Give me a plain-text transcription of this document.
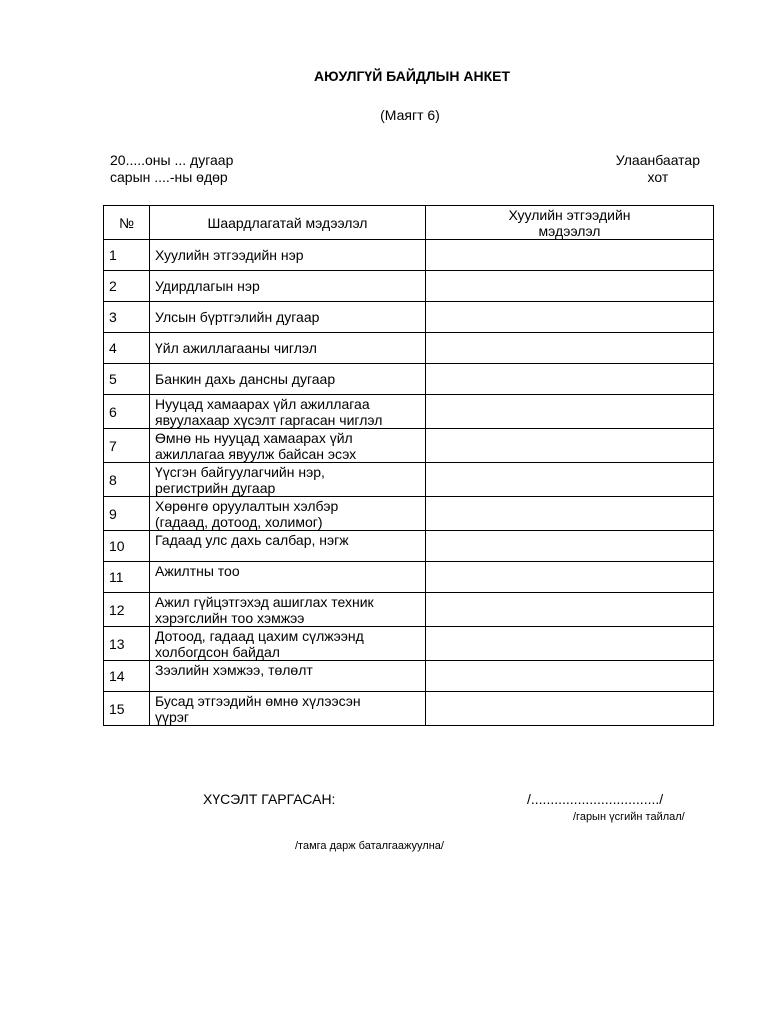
АЮУЛГҮЙ БАЙДЛЫН АНКЕТ
(Маягт 6)
20.....оны ... дугаар
сарын ....-ны өдөр
Улаанбаатар
хот
№	Шаардлагатай мэдээлэл	Хуулийн этгээдийн
мэдээлэл

1	Хуулийн этгээдийн нэр	
2	Удирдлагын нэр	
3	Улсын бүртгэлийн дугаар	
4	Үйл ажиллагааны чиглэл	
5	Банкин дахь дансны дугаар	
6	Нууцад хамаарах үйл ажиллагаа
явуулахаар хүсэлт гаргасан чиглэл	

7	Өмнө нь нууцад хамаарах үйл
ажиллагаа явуулж байсан эсэх	

8	Үүсгэн байгуулагчийн нэр,
регистрийн дугаар	

9	Хөрөнгө оруулалтын хэлбэр
(гадаад, дотоод, холимог)	

10	Гадаад улс дахь салбар, нэгж	
11	Ажилтны тоо	
12	Ажил гүйцэтгэхэд ашиглах техник
хэрэгслийн тоо хэмжээ	

13	Дотоод, гадаад цахим сүлжээнд
холбогдсон байдал	

14	Зээлийн хэмжээ, төлөлт	
15	Бусад этгээдийн өмнө хүлээсэн
үүрэг	

ХҮСЭЛТ ГАРГАСАН:	/................................./
/гарын үсгийн тайлал/
/тамга дарж баталгаажуулна/
